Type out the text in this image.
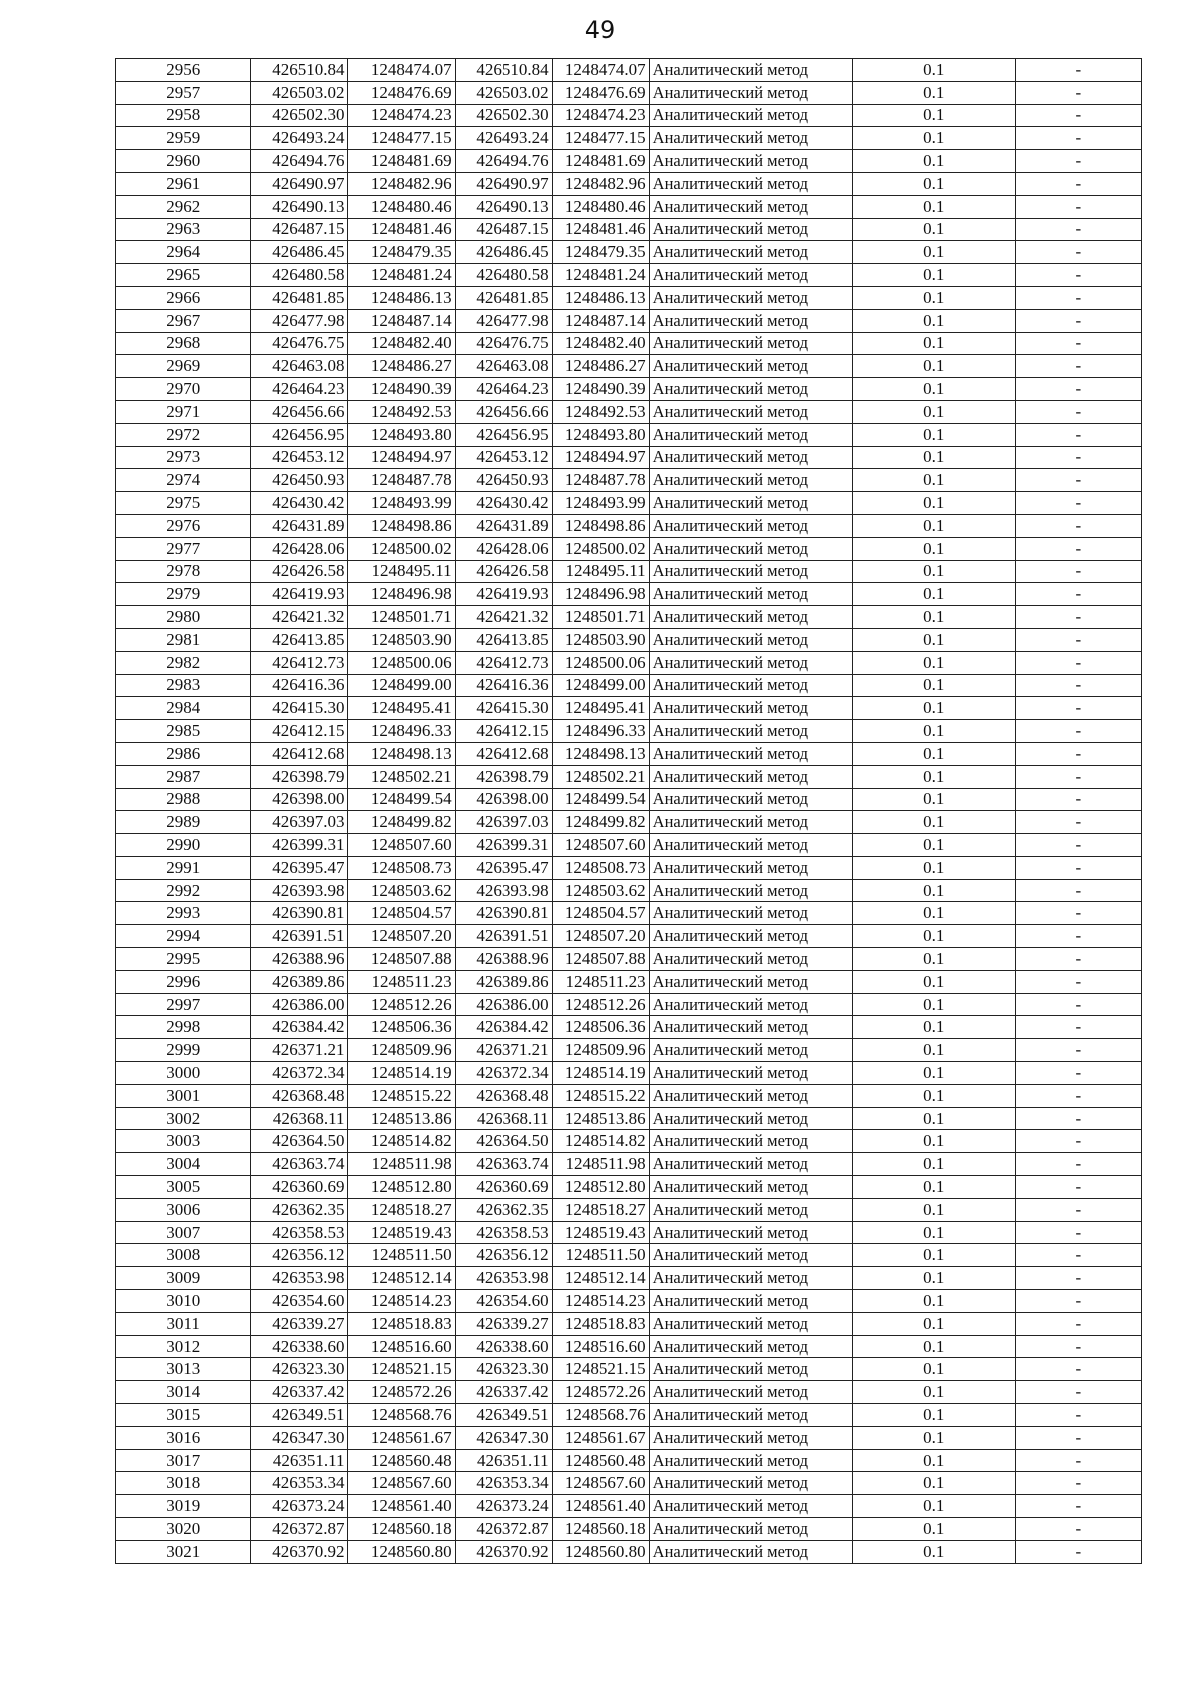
49
2956	426510.84	1248474.07	426510.84	1248474.07	Аналитический метод	0.1	-
2957	426503.02	1248476.69	426503.02	1248476.69	Аналитический метод	0.1	-
2958	426502.30	1248474.23	426502.30	1248474.23	Аналитический метод	0.1	-
2959	426493.24	1248477.15	426493.24	1248477.15	Аналитический метод	0.1	-
2960	426494.76	1248481.69	426494.76	1248481.69	Аналитический метод	0.1	-
2961	426490.97	1248482.96	426490.97	1248482.96	Аналитический метод	0.1	-
2962	426490.13	1248480.46	426490.13	1248480.46	Аналитический метод	0.1	-
2963	426487.15	1248481.46	426487.15	1248481.46	Аналитический метод	0.1	-
2964	426486.45	1248479.35	426486.45	1248479.35	Аналитический метод	0.1	-
2965	426480.58	1248481.24	426480.58	1248481.24	Аналитический метод	0.1	-
2966	426481.85	1248486.13	426481.85	1248486.13	Аналитический метод	0.1	-
2967	426477.98	1248487.14	426477.98	1248487.14	Аналитический метод	0.1	-
2968	426476.75	1248482.40	426476.75	1248482.40	Аналитический метод	0.1	-
2969	426463.08	1248486.27	426463.08	1248486.27	Аналитический метод	0.1	-
2970	426464.23	1248490.39	426464.23	1248490.39	Аналитический метод	0.1	-
2971	426456.66	1248492.53	426456.66	1248492.53	Аналитический метод	0.1	-
2972	426456.95	1248493.80	426456.95	1248493.80	Аналитический метод	0.1	-
2973	426453.12	1248494.97	426453.12	1248494.97	Аналитический метод	0.1	-
2974	426450.93	1248487.78	426450.93	1248487.78	Аналитический метод	0.1	-
2975	426430.42	1248493.99	426430.42	1248493.99	Аналитический метод	0.1	-
2976	426431.89	1248498.86	426431.89	1248498.86	Аналитический метод	0.1	-
2977	426428.06	1248500.02	426428.06	1248500.02	Аналитический метод	0.1	-
2978	426426.58	1248495.11	426426.58	1248495.11	Аналитический метод	0.1	-
2979	426419.93	1248496.98	426419.93	1248496.98	Аналитический метод	0.1	-
2980	426421.32	1248501.71	426421.32	1248501.71	Аналитический метод	0.1	-
2981	426413.85	1248503.90	426413.85	1248503.90	Аналитический метод	0.1	-
2982	426412.73	1248500.06	426412.73	1248500.06	Аналитический метод	0.1	-
2983	426416.36	1248499.00	426416.36	1248499.00	Аналитический метод	0.1	-
2984	426415.30	1248495.41	426415.30	1248495.41	Аналитический метод	0.1	-
2985	426412.15	1248496.33	426412.15	1248496.33	Аналитический метод	0.1	-
2986	426412.68	1248498.13	426412.68	1248498.13	Аналитический метод	0.1	-
2987	426398.79	1248502.21	426398.79	1248502.21	Аналитический метод	0.1	-
2988	426398.00	1248499.54	426398.00	1248499.54	Аналитический метод	0.1	-
2989	426397.03	1248499.82	426397.03	1248499.82	Аналитический метод	0.1	-
2990	426399.31	1248507.60	426399.31	1248507.60	Аналитический метод	0.1	-
2991	426395.47	1248508.73	426395.47	1248508.73	Аналитический метод	0.1	-
2992	426393.98	1248503.62	426393.98	1248503.62	Аналитический метод	0.1	-
2993	426390.81	1248504.57	426390.81	1248504.57	Аналитический метод	0.1	-
2994	426391.51	1248507.20	426391.51	1248507.20	Аналитический метод	0.1	-
2995	426388.96	1248507.88	426388.96	1248507.88	Аналитический метод	0.1	-
2996	426389.86	1248511.23	426389.86	1248511.23	Аналитический метод	0.1	-
2997	426386.00	1248512.26	426386.00	1248512.26	Аналитический метод	0.1	-
2998	426384.42	1248506.36	426384.42	1248506.36	Аналитический метод	0.1	-
2999	426371.21	1248509.96	426371.21	1248509.96	Аналитический метод	0.1	-
3000	426372.34	1248514.19	426372.34	1248514.19	Аналитический метод	0.1	-
3001	426368.48	1248515.22	426368.48	1248515.22	Аналитический метод	0.1	-
3002	426368.11	1248513.86	426368.11	1248513.86	Аналитический метод	0.1	-
3003	426364.50	1248514.82	426364.50	1248514.82	Аналитический метод	0.1	-
3004	426363.74	1248511.98	426363.74	1248511.98	Аналитический метод	0.1	-
3005	426360.69	1248512.80	426360.69	1248512.80	Аналитический метод	0.1	-
3006	426362.35	1248518.27	426362.35	1248518.27	Аналитический метод	0.1	-
3007	426358.53	1248519.43	426358.53	1248519.43	Аналитический метод	0.1	-
3008	426356.12	1248511.50	426356.12	1248511.50	Аналитический метод	0.1	-
3009	426353.98	1248512.14	426353.98	1248512.14	Аналитический метод	0.1	-
3010	426354.60	1248514.23	426354.60	1248514.23	Аналитический метод	0.1	-
3011	426339.27	1248518.83	426339.27	1248518.83	Аналитический метод	0.1	-
3012	426338.60	1248516.60	426338.60	1248516.60	Аналитический метод	0.1	-
3013	426323.30	1248521.15	426323.30	1248521.15	Аналитический метод	0.1	-
3014	426337.42	1248572.26	426337.42	1248572.26	Аналитический метод	0.1	-
3015	426349.51	1248568.76	426349.51	1248568.76	Аналитический метод	0.1	-
3016	426347.30	1248561.67	426347.30	1248561.67	Аналитический метод	0.1	-
3017	426351.11	1248560.48	426351.11	1248560.48	Аналитический метод	0.1	-
3018	426353.34	1248567.60	426353.34	1248567.60	Аналитический метод	0.1	-
3019	426373.24	1248561.40	426373.24	1248561.40	Аналитический метод	0.1	-
3020	426372.87	1248560.18	426372.87	1248560.18	Аналитический метод	0.1	-
3021	426370.92	1248560.80	426370.92	1248560.80	Аналитический метод	0.1	-
